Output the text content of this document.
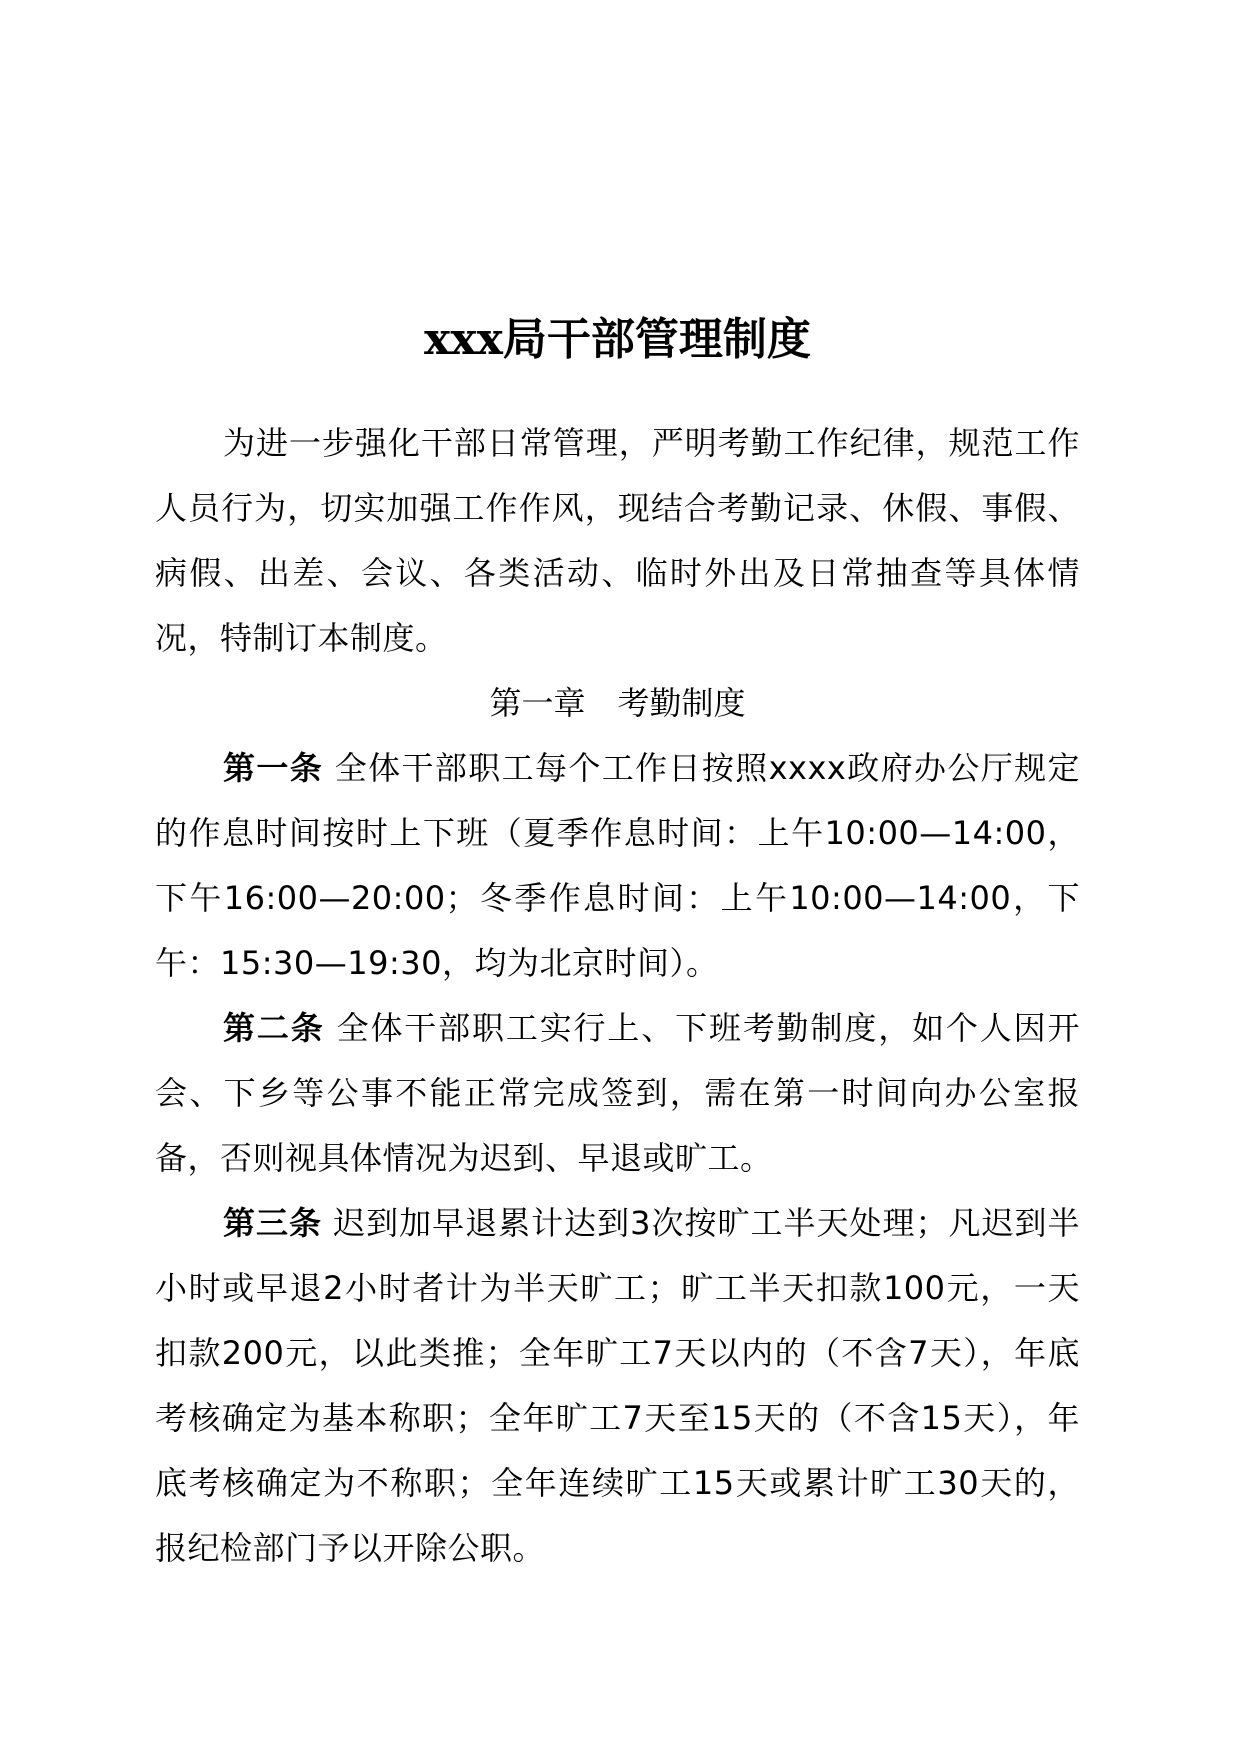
xxx局干部管理制度

为进一步强化干部日常管理，严明考勤工作纪律，规范工作人员行为，切实加强工作作风，现结合考勤记录、休假、事假、病假、出差、会议、各类活动、临时外出及日常抽查等具体情况，特制订本制度。

第一章　考勤制度

第一条 全体干部职工每个工作日按照xxxx政府办公厅规定的作息时间按时上下班（夏季作息时间：上午10:00—14:00，下午16:00—20:00；冬季作息时间：上午10:00—14:00，下午：15:30—19:30，均为北京时间）。

第二条 全体干部职工实行上、下班考勤制度，如个人因开会、下乡等公事不能正常完成签到，需在第一时间向办公室报备，否则视具体情况为迟到、早退或旷工。

第三条 迟到加早退累计达到3次按旷工半天处理；凡迟到半小时或早退2小时者计为半天旷工；旷工半天扣款100元，一天扣款200元，以此类推；全年旷工7天以内的（不含7天），年底考核确定为基本称职；全年旷工7天至15天的（不含15天），年底考核确定为不称职；全年连续旷工15天或累计旷工30天的，报纪检部门予以开除公职。
